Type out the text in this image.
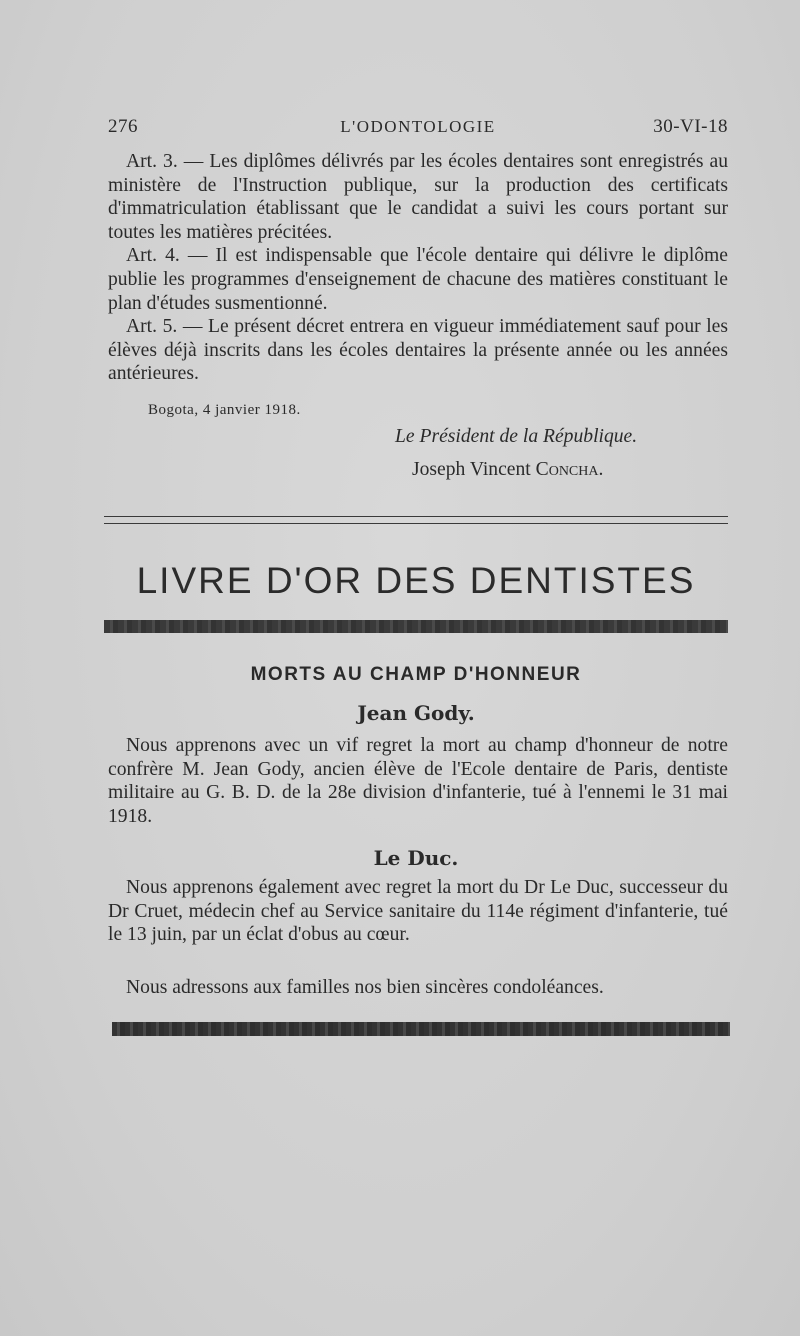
276	L'ODONTOLOGIE	30-VI-18

Art. 3. — Les diplômes délivrés par les écoles dentaires sont enregistrés au ministère de l'Instruction publique, sur la production des certificats d'immatriculation établissant que le candidat a suivi les cours portant sur toutes les matières précitées.

Art. 4. — Il est indispensable que l'école dentaire qui délivre le diplôme publie les programmes d'enseignement de chacune des matières constituant le plan d'études susmentionné.

Art. 5. — Le présent décret entrera en vigueur immédiatement sauf pour les élèves déjà inscrits dans les écoles dentaires la présente année ou les années antérieures.

Bogota, 4 janvier 1918.
Le Président de la République.
Joseph Vincent Concha.
LIVRE D'OR DES DENTISTES
MORTS AU CHAMP D'HONNEUR
Jean Gody.

Nous apprenons avec un vif regret la mort au champ d'honneur de notre confrère M. Jean Gody, ancien élève de l'Ecole dentaire de Paris, dentiste militaire au G. B. D. de la 28e division d'infanterie, tué à l'ennemi le 31 mai 1918.

Le Duc.

Nous apprenons également avec regret la mort du Dr Le Duc, successeur du Dr Cruet, médecin chef au Service sanitaire du 114e régiment d'infanterie, tué le 13 juin, par un éclat d'obus au cœur.

Nous adressons aux familles nos bien sincères condoléances.
